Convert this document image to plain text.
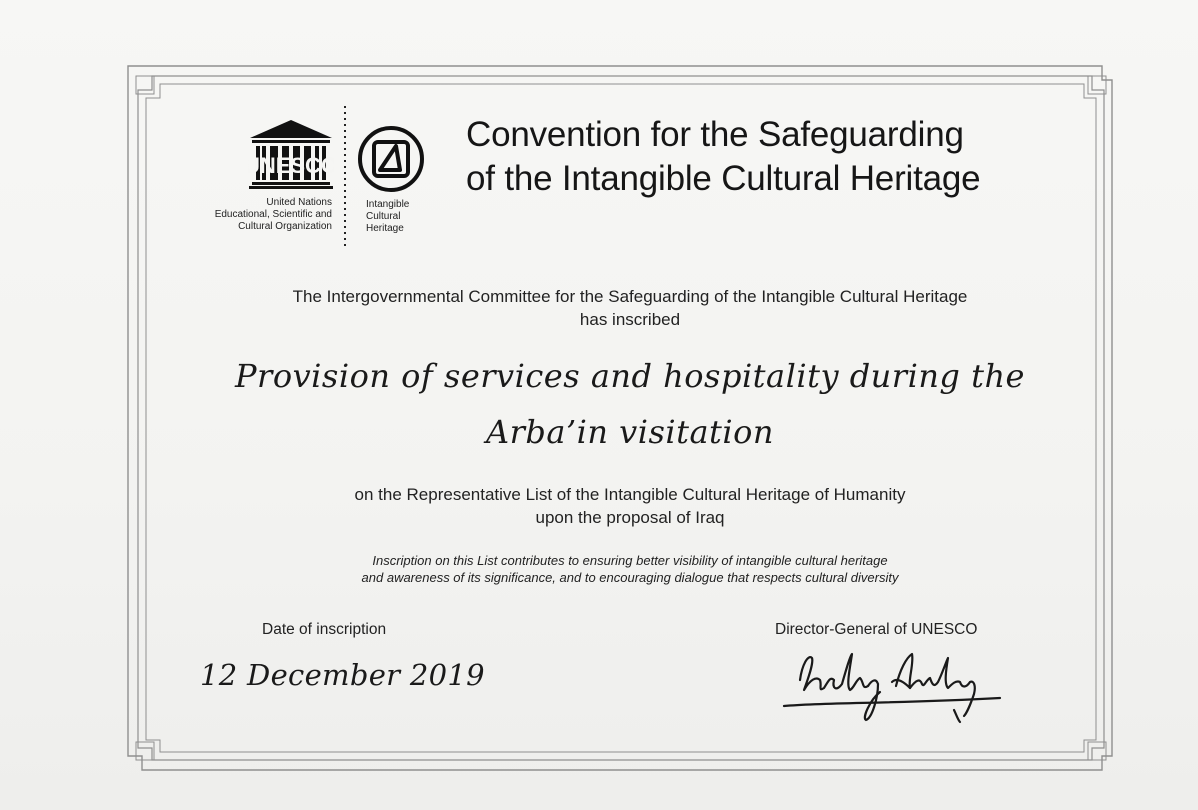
UNESCO
United Nations
Educational, Scientific and
Cultural Organization
Intangible
Cultural
Heritage
Convention for the Safeguarding
of the Intangible Cultural Heritage
The Intergovernmental Committee for the Safeguarding of the Intangible Cultural Heritage
has inscribed
Provision of services and hospitality during the
Arba’in visitation
on the Representative List of the Intangible Cultural Heritage of Humanity
upon the proposal of Iraq
Inscription on this List contributes to ensuring better visibility of intangible cultural heritage
and awareness of its significance, and to encouraging dialogue that respects cultural diversity
Date of inscription	Director-General of UNESCO
12 December 2019
